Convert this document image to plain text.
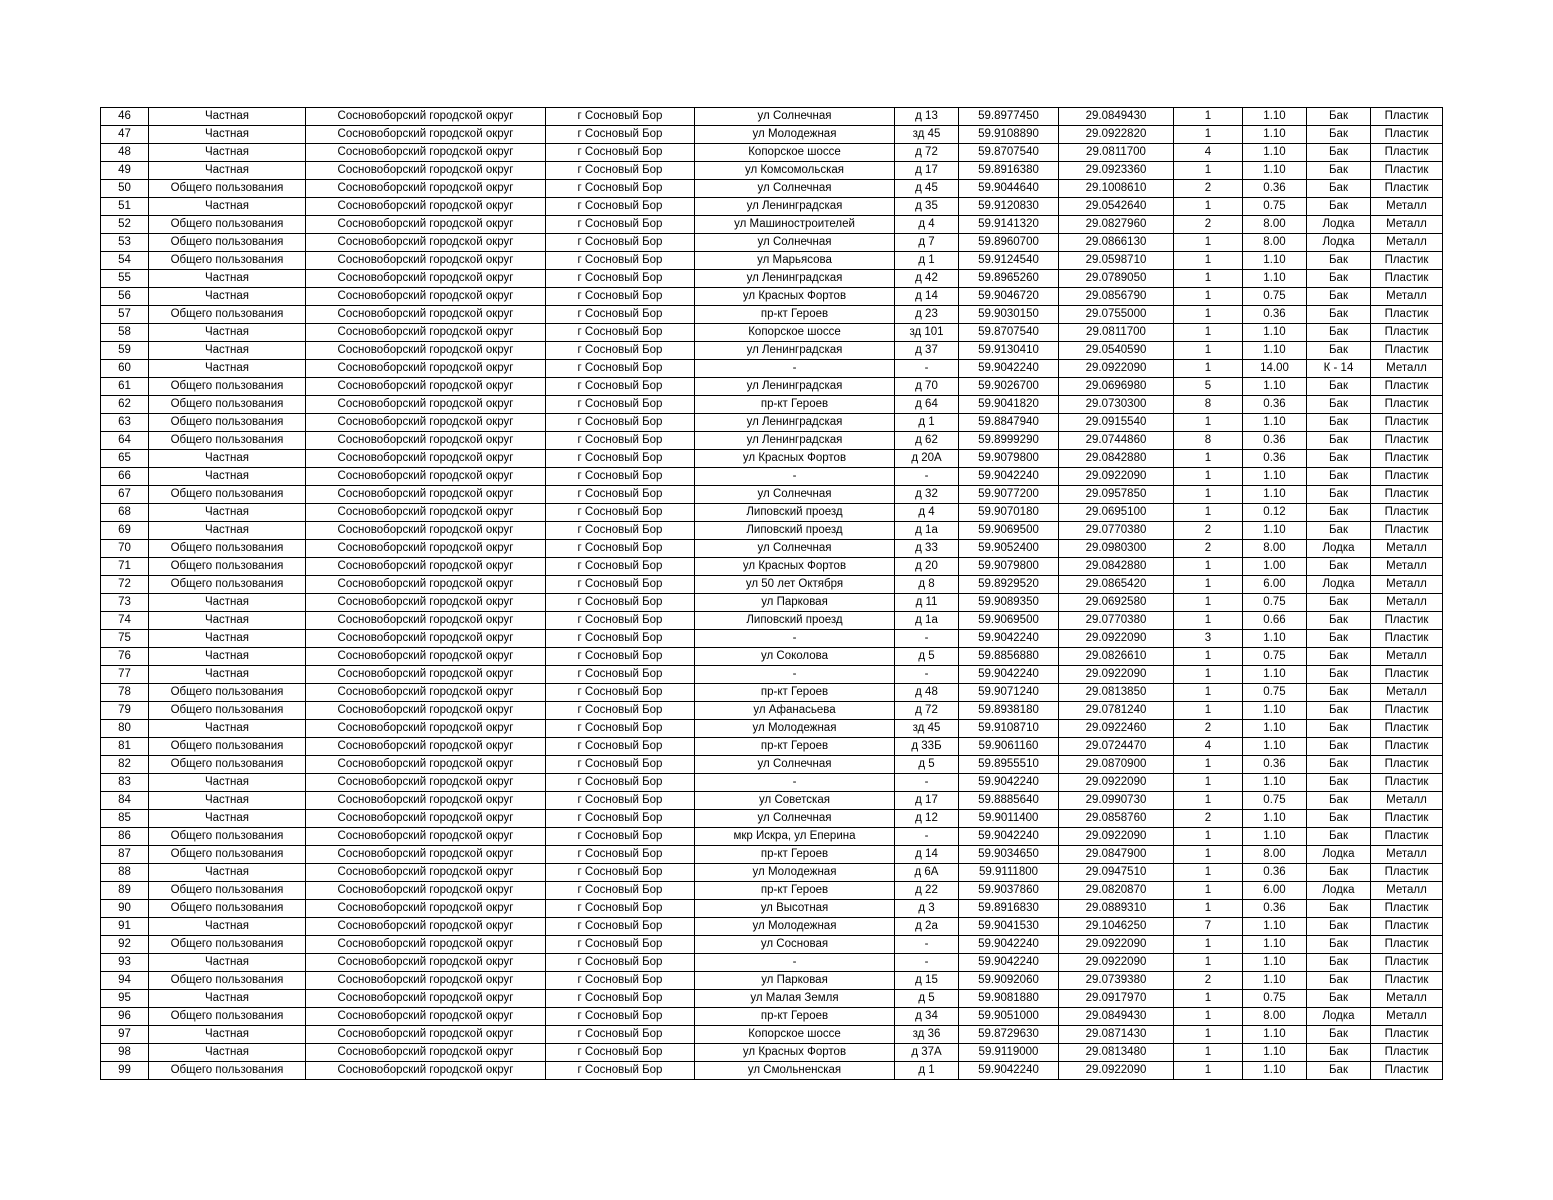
46	Частная	Сосновоборский городской округ	г Сосновый Бор	ул Солнечная	д 13	59.8977450	29.0849430	1	1.10	Бак	Пластик
47	Частная	Сосновоборский городской округ	г Сосновый Бор	ул Молодежная	зд 45	59.9108890	29.0922820	1	1.10	Бак	Пластик
48	Частная	Сосновоборский городской округ	г Сосновый Бор	Копорское шоссе	д 72	59.8707540	29.0811700	4	1.10	Бак	Пластик
49	Частная	Сосновоборский городской округ	г Сосновый Бор	ул Комсомольская	д 17	59.8916380	29.0923360	1	1.10	Бак	Пластик
50	Общего пользования	Сосновоборский городской округ	г Сосновый Бор	ул Солнечная	д 45	59.9044640	29.1008610	2	0.36	Бак	Пластик
51	Частная	Сосновоборский городской округ	г Сосновый Бор	ул Ленинградская	д 35	59.9120830	29.0542640	1	0.75	Бак	Металл
52	Общего пользования	Сосновоборский городской округ	г Сосновый Бор	ул Машиностроителей	д 4	59.9141320	29.0827960	2	8.00	Лодка	Металл
53	Общего пользования	Сосновоборский городской округ	г Сосновый Бор	ул Солнечная	д 7	59.8960700	29.0866130	1	8.00	Лодка	Металл
54	Общего пользования	Сосновоборский городской округ	г Сосновый Бор	ул Марьясова	д 1	59.9124540	29.0598710	1	1.10	Бак	Пластик
55	Частная	Сосновоборский городской округ	г Сосновый Бор	ул Ленинградская	д 42	59.8965260	29.0789050	1	1.10	Бак	Пластик
56	Частная	Сосновоборский городской округ	г Сосновый Бор	ул Красных Фортов	д 14	59.9046720	29.0856790	1	0.75	Бак	Металл
57	Общего пользования	Сосновоборский городской округ	г Сосновый Бор	пр-кт Героев	д 23	59.9030150	29.0755000	1	0.36	Бак	Пластик
58	Частная	Сосновоборский городской округ	г Сосновый Бор	Копорское шоссе	зд 101	59.8707540	29.0811700	1	1.10	Бак	Пластик
59	Частная	Сосновоборский городской округ	г Сосновый Бор	ул Ленинградская	д 37	59.9130410	29.0540590	1	1.10	Бак	Пластик
60	Частная	Сосновоборский городской округ	г Сосновый Бор	-	-	59.9042240	29.0922090	1	14.00	К - 14	Металл
61	Общего пользования	Сосновоборский городской округ	г Сосновый Бор	ул Ленинградская	д 70	59.9026700	29.0696980	5	1.10	Бак	Пластик
62	Общего пользования	Сосновоборский городской округ	г Сосновый Бор	пр-кт Героев	д 64	59.9041820	29.0730300	8	0.36	Бак	Пластик
63	Общего пользования	Сосновоборский городской округ	г Сосновый Бор	ул Ленинградская	д 1	59.8847940	29.0915540	1	1.10	Бак	Пластик
64	Общего пользования	Сосновоборский городской округ	г Сосновый Бор	ул Ленинградская	д 62	59.8999290	29.0744860	8	0.36	Бак	Пластик
65	Частная	Сосновоборский городской округ	г Сосновый Бор	ул Красных Фортов	д 20А	59.9079800	29.0842880	1	0.36	Бак	Пластик
66	Частная	Сосновоборский городской округ	г Сосновый Бор	-	-	59.9042240	29.0922090	1	1.10	Бак	Пластик
67	Общего пользования	Сосновоборский городской округ	г Сосновый Бор	ул Солнечная	д 32	59.9077200	29.0957850	1	1.10	Бак	Пластик
68	Частная	Сосновоборский городской округ	г Сосновый Бор	Липовский проезд	д 4	59.9070180	29.0695100	1	0.12	Бак	Пластик
69	Частная	Сосновоборский городской округ	г Сосновый Бор	Липовский проезд	д 1а	59.9069500	29.0770380	2	1.10	Бак	Пластик
70	Общего пользования	Сосновоборский городской округ	г Сосновый Бор	ул Солнечная	д 33	59.9052400	29.0980300	2	8.00	Лодка	Металл
71	Общего пользования	Сосновоборский городской округ	г Сосновый Бор	ул Красных Фортов	д 20	59.9079800	29.0842880	1	1.00	Бак	Металл
72	Общего пользования	Сосновоборский городской округ	г Сосновый Бор	ул 50 лет Октября	д 8	59.8929520	29.0865420	1	6.00	Лодка	Металл
73	Частная	Сосновоборский городской округ	г Сосновый Бор	ул Парковая	д 11	59.9089350	29.0692580	1	0.75	Бак	Металл
74	Частная	Сосновоборский городской округ	г Сосновый Бор	Липовский проезд	д 1а	59.9069500	29.0770380	1	0.66	Бак	Пластик
75	Частная	Сосновоборский городской округ	г Сосновый Бор	-	-	59.9042240	29.0922090	3	1.10	Бак	Пластик
76	Частная	Сосновоборский городской округ	г Сосновый Бор	ул Соколова	д 5	59.8856880	29.0826610	1	0.75	Бак	Металл
77	Частная	Сосновоборский городской округ	г Сосновый Бор	-	-	59.9042240	29.0922090	1	1.10	Бак	Пластик
78	Общего пользования	Сосновоборский городской округ	г Сосновый Бор	пр-кт Героев	д 48	59.9071240	29.0813850	1	0.75	Бак	Металл
79	Общего пользования	Сосновоборский городской округ	г Сосновый Бор	ул Афанасьева	д 72	59.8938180	29.0781240	1	1.10	Бак	Пластик
80	Частная	Сосновоборский городской округ	г Сосновый Бор	ул Молодежная	зд 45	59.9108710	29.0922460	2	1.10	Бак	Пластик
81	Общего пользования	Сосновоборский городской округ	г Сосновый Бор	пр-кт Героев	д 33Б	59.9061160	29.0724470	4	1.10	Бак	Пластик
82	Общего пользования	Сосновоборский городской округ	г Сосновый Бор	ул Солнечная	д 5	59.8955510	29.0870900	1	0.36	Бак	Пластик
83	Частная	Сосновоборский городской округ	г Сосновый Бор	-	-	59.9042240	29.0922090	1	1.10	Бак	Пластик
84	Частная	Сосновоборский городской округ	г Сосновый Бор	ул Советская	д 17	59.8885640	29.0990730	1	0.75	Бак	Металл
85	Частная	Сосновоборский городской округ	г Сосновый Бор	ул Солнечная	д 12	59.9011400	29.0858760	2	1.10	Бак	Пластик
86	Общего пользования	Сосновоборский городской округ	г Сосновый Бор	мкр Искра, ул Еперина	-	59.9042240	29.0922090	1	1.10	Бак	Пластик
87	Общего пользования	Сосновоборский городской округ	г Сосновый Бор	пр-кт Героев	д 14	59.9034650	29.0847900	1	8.00	Лодка	Металл
88	Частная	Сосновоборский городской округ	г Сосновый Бор	ул Молодежная	д 6А	59.9111800	29.0947510	1	0.36	Бак	Пластик
89	Общего пользования	Сосновоборский городской округ	г Сосновый Бор	пр-кт Героев	д 22	59.9037860	29.0820870	1	6.00	Лодка	Металл
90	Общего пользования	Сосновоборский городской округ	г Сосновый Бор	ул Высотная	д 3	59.8916830	29.0889310	1	0.36	Бак	Пластик
91	Частная	Сосновоборский городской округ	г Сосновый Бор	ул Молодежная	д 2а	59.9041530	29.1046250	7	1.10	Бак	Пластик
92	Общего пользования	Сосновоборский городской округ	г Сосновый Бор	ул Сосновая	-	59.9042240	29.0922090	1	1.10	Бак	Пластик
93	Частная	Сосновоборский городской округ	г Сосновый Бор	-	-	59.9042240	29.0922090	1	1.10	Бак	Пластик
94	Общего пользования	Сосновоборский городской округ	г Сосновый Бор	ул Парковая	д 15	59.9092060	29.0739380	2	1.10	Бак	Пластик
95	Частная	Сосновоборский городской округ	г Сосновый Бор	ул Малая Земля	д 5	59.9081880	29.0917970	1	0.75	Бак	Металл
96	Общего пользования	Сосновоборский городской округ	г Сосновый Бор	пр-кт Героев	д 34	59.9051000	29.0849430	1	8.00	Лодка	Металл
97	Частная	Сосновоборский городской округ	г Сосновый Бор	Копорское шоссе	зд 36	59.8729630	29.0871430	1	1.10	Бак	Пластик
98	Частная	Сосновоборский городской округ	г Сосновый Бор	ул Красных Фортов	д 37А	59.9119000	29.0813480	1	1.10	Бак	Пластик
99	Общего пользования	Сосновоборский городской округ	г Сосновый Бор	ул Смольненская	д 1	59.9042240	29.0922090	1	1.10	Бак	Пластик
